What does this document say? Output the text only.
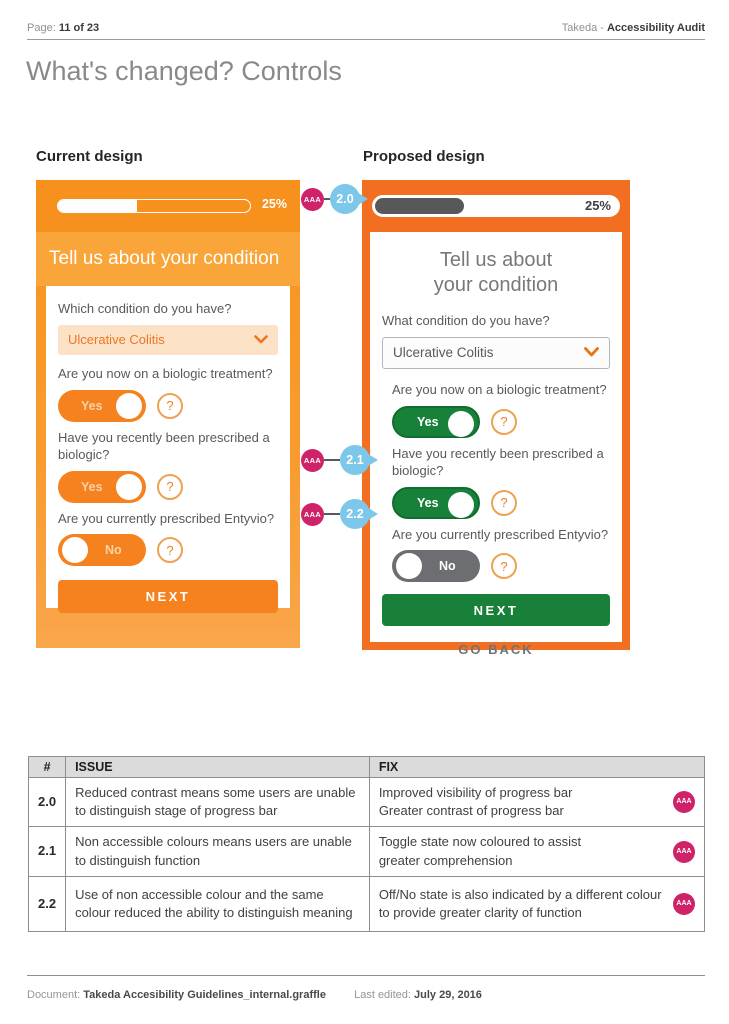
Page: 11 of 23	Takeda - Accessibility Audit
What's changed? Controls
Current design	Proposed design
25%
Tell us about your condition
Which condition do you have?
Ulcerative Colitis
Are you now on a biologic treatment?
Yes	?
Have you recently been prescribed a biologic?
Yes	?
Are you currently prescribed Entyvio?
No	?
NEXT
25%
Tell us about
your condition
What condition do you have?
Ulcerative Colitis
Are you now on a biologic treatment?
Yes	?
Have you recently been prescribed a biologic?
Yes	?
Are you currently prescribed Entyvio?
No	?
NEXT
GO BACK
AAA	2.0
AAA	2.1
AAA	2.2
#	ISSUE	FIX
2.0	Reduced contrast means some users are unable to distinguish stage of progress bar	Improved visibility of progress bar
Greater contrast of progress bar
AAA

2.1	Non accessible colours means users are unable to distinguish function	Toggle state now coloured to assist
greater comprehension
AAA

2.2	Use of non accessible colour and the same colour reduced the ability to distinguish meaning	Off/No state is also indicated by a different colour
to provide greater clarity of function
AAA
Document: Takeda Accesibility Guidelines_internal.graffle	Last edited: July 29, 2016
